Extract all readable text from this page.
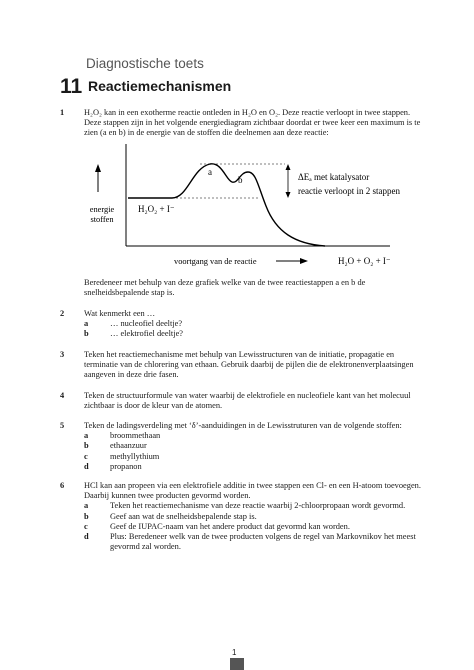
Diagnostische toets
11 Reactiemechanismen
1 H₂O₂ kan in een exotherme reactie ontleden in H₂O en O₂. Deze reactie verloopt in twee stappen. Deze stappen zijn in het volgende energiediagram zichtbaar doordat er twee keer een maximum is te zien (a en b) in de energie van de stoffen die deelnemen aan deze reactie:
energie
stoffen
a
b
H₂O₂ + I⁻
ΔEₐ met katalysator
reactie verloopt in 2 stappen
voortgang van de reactie	H₂O + O₂ + I⁻
Beredeneer met behulp van deze grafiek welke van de twee reactiestappen a en b de snelheidsbepalende stap is.
2 Wat kenmerkt een …
a	… nucleofiel deeltje?
b	… elektrofiel deeltje?
3 Teken het reactiemechanisme met behulp van Lewisstructuren van de initiatie, propagatie en terminatie van de chlorering van ethaan. Gebruik daarbij de pijlen die de elektronenverplaatsingen aangeven in deze drie fasen.
4 Teken de structuurformule van water waarbij de elektrofiele en nucleofiele kant van het molecuul zichtbaar is door de kleur van de atomen.
5 Teken de ladingsverdeling met ‘δ’-aanduidingen in de Lewisstruturen van de volgende stoffen:
a	broommethaan
b	ethaanzuur
c	methyllythium
d	propanon
6 HCl kan aan propeen via een elektrofiele additie in twee stappen een Cl- en een H-atoom toevoegen. Daarbij kunnen twee producten gevormd worden.
a	Teken het reactiemechanisme van deze reactie waarbij 2-chloorpropaan wordt gevormd.
b	Geef aan wat de snelheidsbepalende stap is.
c	Geef de IUPAC-naam van het andere product dat gevormd kan worden.
d	Plus: Beredeneer welk van de twee producten volgens de regel van Markovnikov het meest gevormd zal worden.
1
